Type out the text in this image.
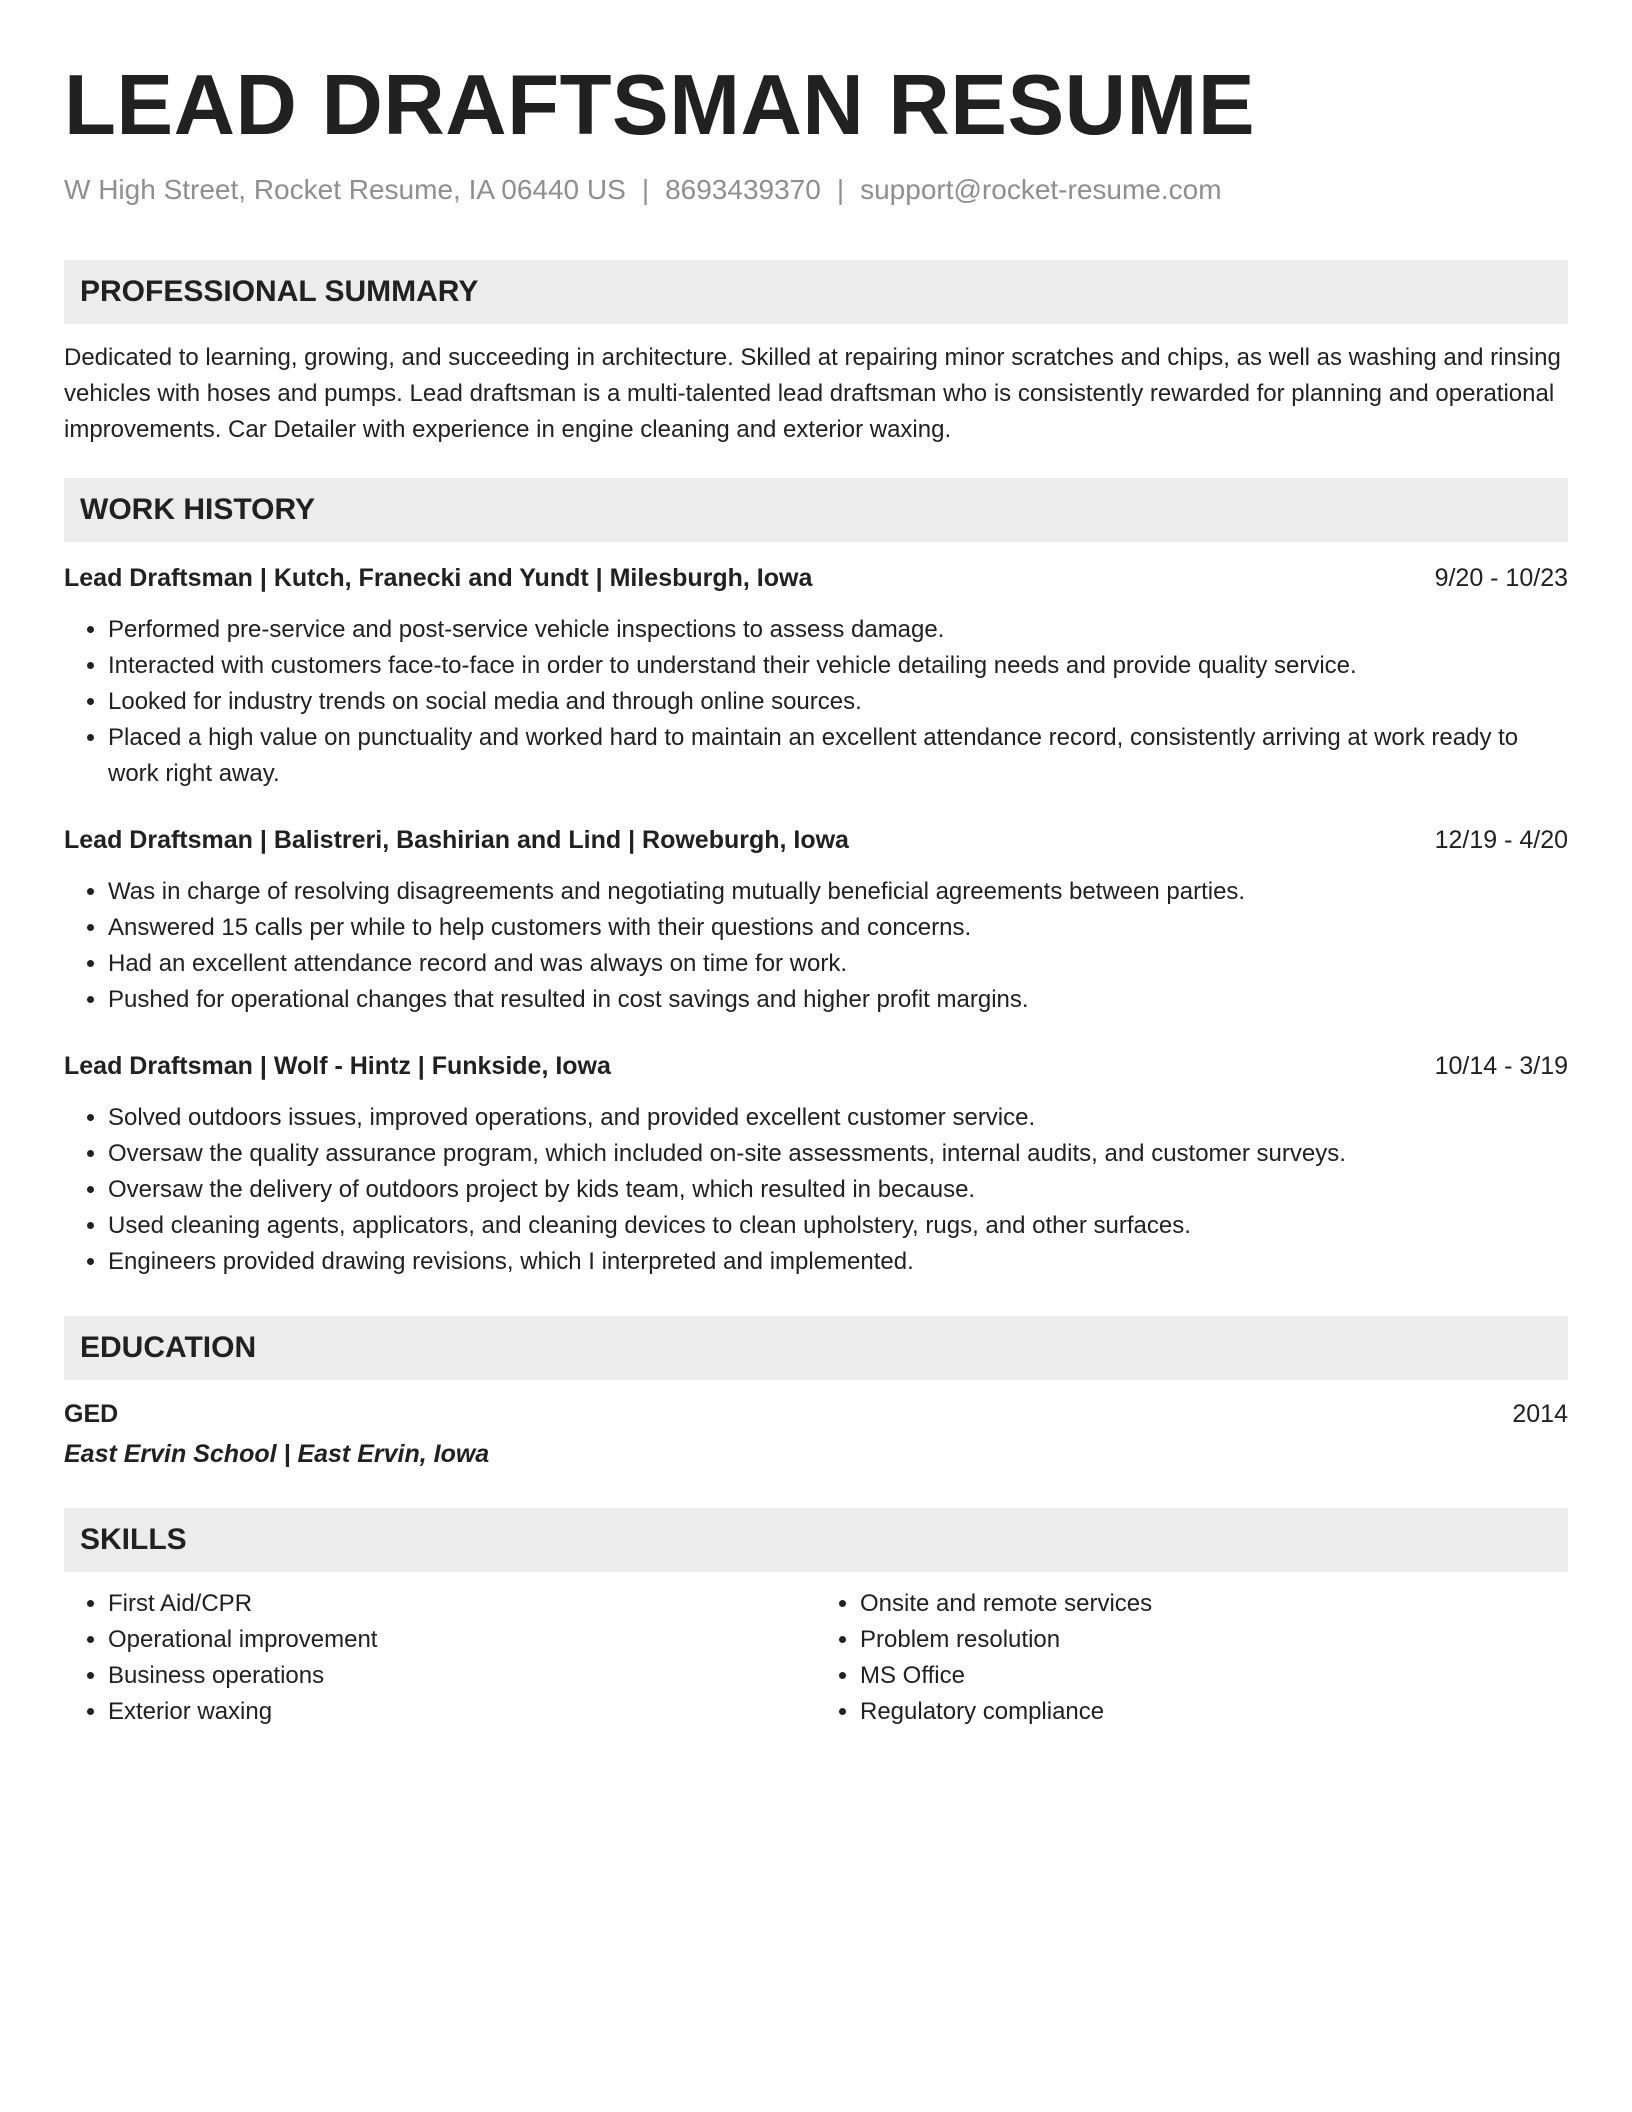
LEAD DRAFTSMAN RESUME
W High Street, Rocket Resume, IA 06440 US | 8693439370 | support@rocket-resume.com
PROFESSIONAL SUMMARY
Dedicated to learning, growing, and succeeding in architecture. Skilled at repairing minor scratches and chips, as well as washing and rinsing vehicles with hoses and pumps. Lead draftsman is a multi-talented lead draftsman who is consistently rewarded for planning and operational improvements. Car Detailer with experience in engine cleaning and exterior waxing.
WORK HISTORY
Lead Draftsman | Kutch, Franecki and Yundt | Milesburgh, Iowa	9/20 - 10/23
• Performed pre-service and post-service vehicle inspections to assess damage.
• Interacted with customers face-to-face in order to understand their vehicle detailing needs and provide quality service.
• Looked for industry trends on social media and through online sources.
• Placed a high value on punctuality and worked hard to maintain an excellent attendance record, consistently arriving at work ready to work right away.
Lead Draftsman | Balistreri, Bashirian and Lind | Roweburgh, Iowa	12/19 - 4/20
• Was in charge of resolving disagreements and negotiating mutually beneficial agreements between parties.
• Answered 15 calls per while to help customers with their questions and concerns.
• Had an excellent attendance record and was always on time for work.
• Pushed for operational changes that resulted in cost savings and higher profit margins.
Lead Draftsman | Wolf - Hintz | Funkside, Iowa	10/14 - 3/19
• Solved outdoors issues, improved operations, and provided excellent customer service.
• Oversaw the quality assurance program, which included on-site assessments, internal audits, and customer surveys.
• Oversaw the delivery of outdoors project by kids team, which resulted in because.
• Used cleaning agents, applicators, and cleaning devices to clean upholstery, rugs, and other surfaces.
• Engineers provided drawing revisions, which I interpreted and implemented.
EDUCATION
GED	2014
East Ervin School | East Ervin, Iowa
SKILLS
• First Aid/CPR
• Operational improvement
• Business operations
• Exterior waxing
• Onsite and remote services
• Problem resolution
• MS Office
• Regulatory compliance
